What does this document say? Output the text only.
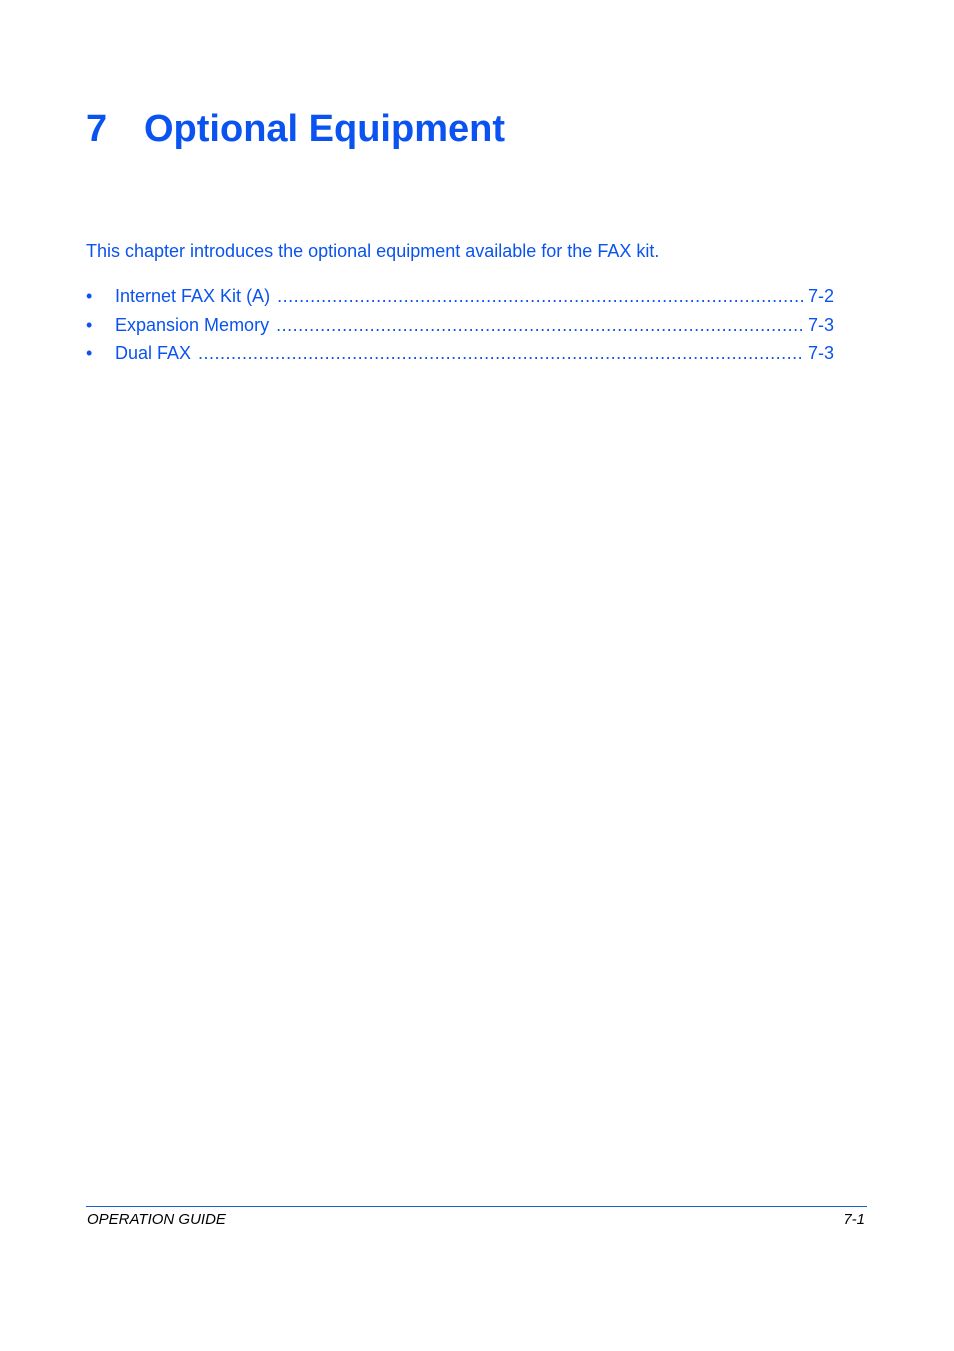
7 Optional Equipment

This chapter introduces the optional equipment available for the FAX kit.

•	Internet FAX Kit (A) .....	7-2
•	Expansion Memory .....	7-3
•	Dual FAX .....	7-3
OPERATION GUIDE	7-1
